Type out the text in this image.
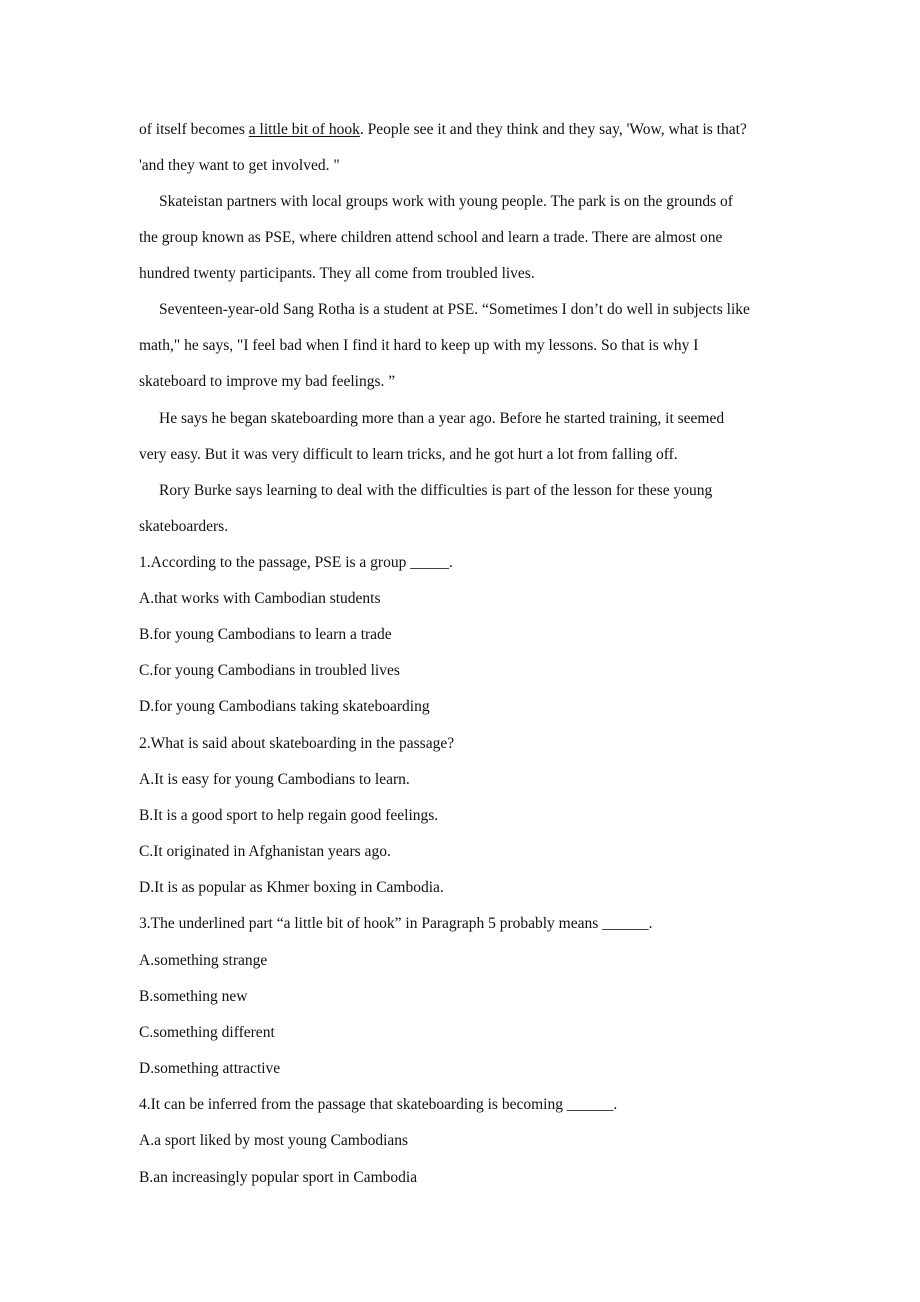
of itself becomes a little bit of hook. People see it and they think and they say, 'Wow, what is that?
'and they want to get involved. "
Skateistan partners with local groups work with young people. The park is on the grounds of
the group known as PSE, where children attend school and learn a trade. There are almost one
hundred twenty participants. They all come from troubled lives.
Seventeen-year-old Sang Rotha is a student at PSE. “Sometimes I don’t do well in subjects like
math," he says, "I feel bad when I find it hard to keep up with my lessons. So that is why I
skateboard to improve my bad feelings. ”
He says he began skateboarding more than a year ago. Before he started training, it seemed
very easy. But it was very difficult to learn tricks, and he got hurt a lot from falling off.
Rory Burke says learning to deal with the difficulties is part of the lesson for these young
skateboarders.
1.According to the passage, PSE is a group _____.
A.that works with Cambodian students
B.for young Cambodians to learn a trade
C.for young Cambodians in troubled lives
D.for young Cambodians taking skateboarding
2.What is said about skateboarding in the passage?
A.It is easy for young Cambodians to learn.
B.It is a good sport to help regain good feelings.
C.It originated in Afghanistan years ago.
D.It is as popular as Khmer boxing in Cambodia.
3.The underlined part “a little bit of hook” in Paragraph 5 probably means ______.
A.something strange
B.something new
C.something different
D.something attractive
4.It can be inferred from the passage that skateboarding is becoming ______.
A.a sport liked by most young Cambodians
B.an increasingly popular sport in Cambodia
